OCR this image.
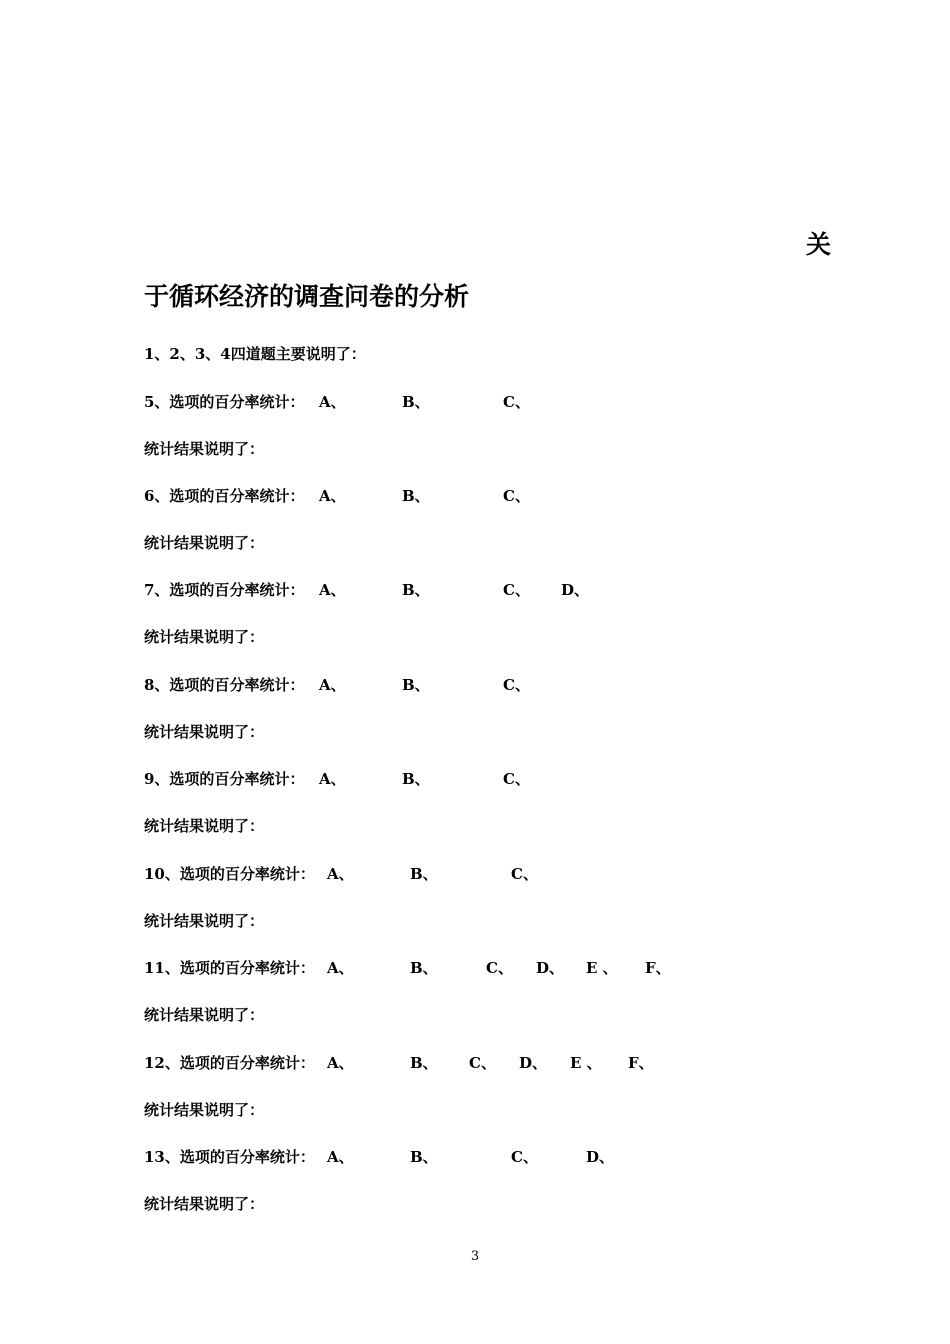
关
于循环经济的调查问卷的分析
1、2、3、4四道题主要说明了：
5、选项的百分率统计： A、	B、	C、
统计结果说明了：
6、选项的百分率统计： A、	B、	C、
统计结果说明了：
7、选项的百分率统计： A、	B、	C、 D、
统计结果说明了：
8、选项的百分率统计： A、	B、	C、
统计结果说明了：
9、选项的百分率统计： A、	B、	C、
统计结果说明了：
10、选项的百分率统计： A、	B、	C、
统计结果说明了：
11、选项的百分率统计： A、	B、	C、 D、 E 、 F、
统计结果说明了：
12、选项的百分率统计： A、	B、 C、 D、 E 、 F、
统计结果说明了：
13、选项的百分率统计： A、	B、	C、	D、
统计结果说明了：
3
